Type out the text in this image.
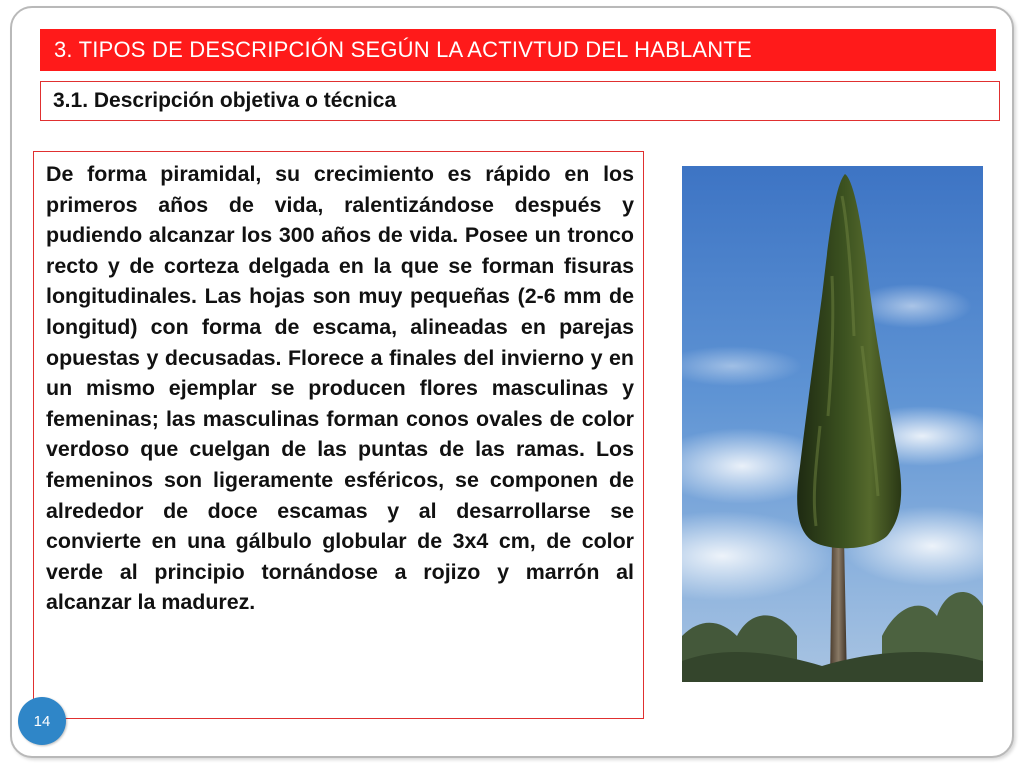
3. TIPOS DE DESCRIPCIÓN SEGÚN LA ACTIVTUD DEL HABLANTE
3.1. Descripción objetiva o técnica

De forma piramidal, su crecimiento es rápido en los primeros años de vida, ralentizándose después y pudiendo alcanzar los 300 años de vida. Posee un tronco recto y de corteza delgada en la que se forman fisuras longitudinales. Las hojas son muy pequeñas (2-6 mm de longitud) con forma de escama, alineadas en parejas opuestas y decusadas. Florece a finales del invierno y en un mismo ejemplar se producen flores masculinas y femeninas; las masculinas forman conos ovales de color verdoso que cuelgan de las puntas de las ramas. Los femeninos son ligeramente esféricos, se componen de alrededor de doce escamas y al desarrollarse se convierte en una gálbulo globular de 3x4 cm, de color verde al principio tornándose a rojizo y marrón al alcanzar la madurez.

14
